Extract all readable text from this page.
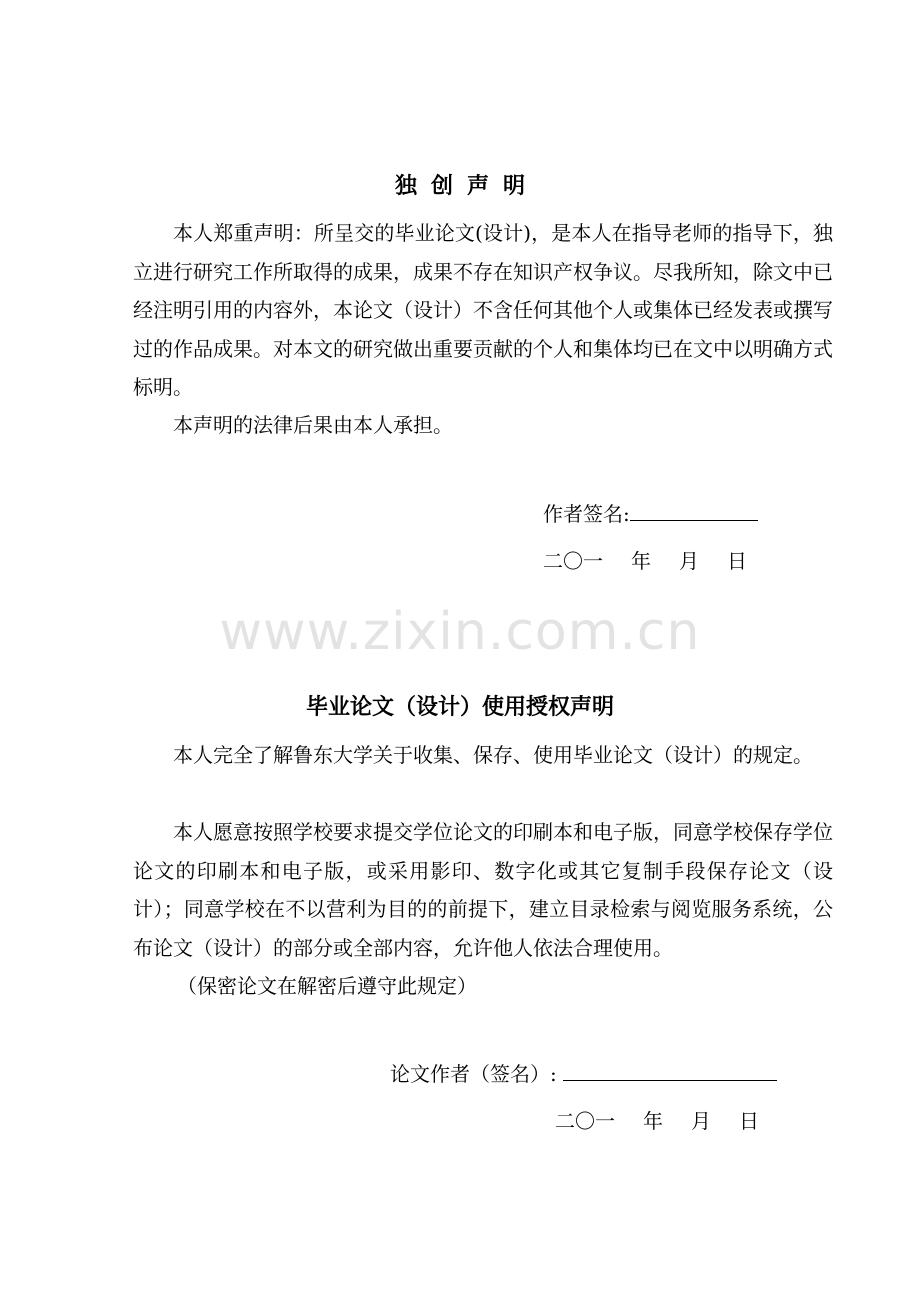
独创声明

本人郑重声明：所呈交的毕业论文(设计)，是本人在指导老师的指导下，独立进行研究工作所取得的成果，成果不存在知识产权争议。尽我所知，除文中已经注明引用的内容外，本论文（设计）不含任何其他个人或集体已经发表或撰写过的作品成果。对本文的研究做出重要贡献的个人和集体均已在文中以明确方式标明。

本声明的法律后果由本人承担。

作者签名:
二〇一 年 月 日
www.zixin.com.cn
毕业论文（设计）使用授权声明

本人完全了解鲁东大学关于收集、保存、使用毕业论文（设计）的规定。

本人愿意按照学校要求提交学位论文的印刷本和电子版，同意学校保存学位论文的印刷本和电子版，或采用影印、数字化或其它复制手段保存论文（设计）；同意学校在不以营利为目的的前提下，建立目录检索与阅览服务系统，公布论文（设计）的部分或全部内容，允许他人依法合理使用。

（保密论文在解密后遵守此规定）

论文作者（签名）:
二〇一 年 月 日
